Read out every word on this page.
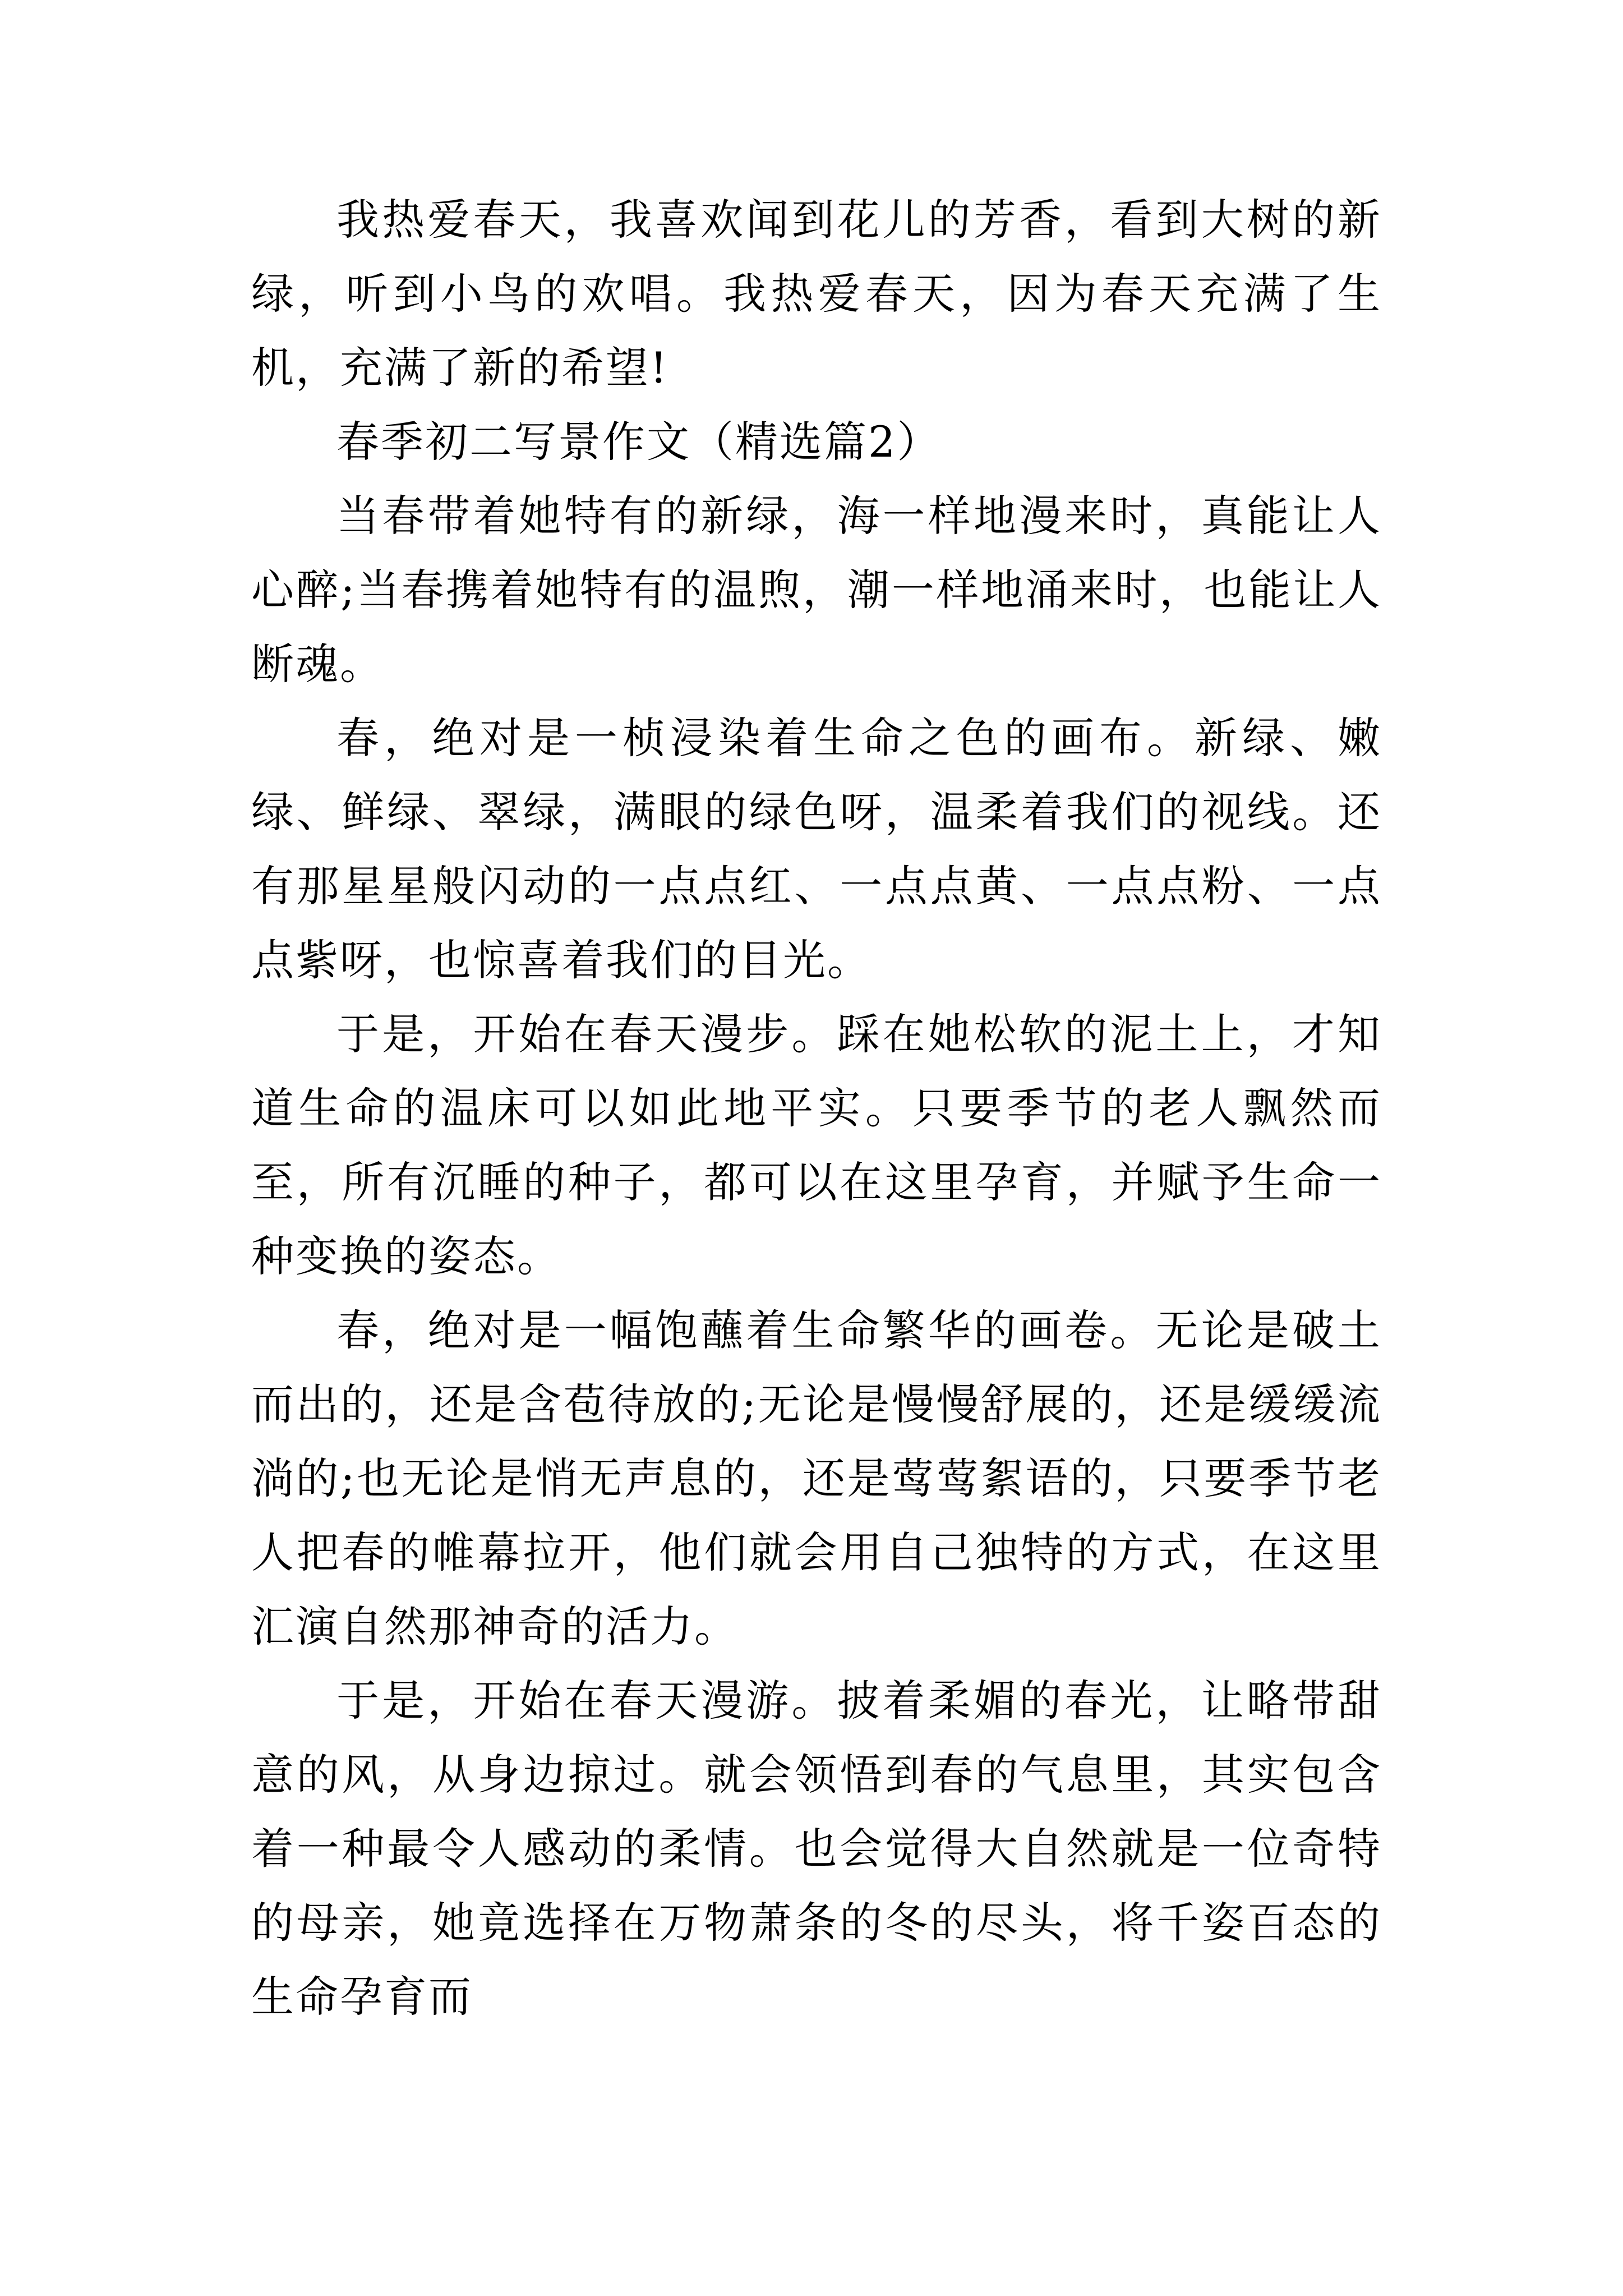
我热爱春天，我喜欢闻到花儿的芳香，看到大树的新绿，听到小鸟的欢唱。我热爱春天，因为春天充满了生机，充满了新的希望!

春季初二写景作文（精选篇2）

当春带着她特有的新绿，海一样地漫来时，真能让人心醉;当春携着她特有的温煦，潮一样地涌来时，也能让人断魂。

春，绝对是一桢浸染着生命之色的画布。新绿、嫩绿、鲜绿、翠绿，满眼的绿色呀，温柔着我们的视线。还有那星星般闪动的一点点红、一点点黄、一点点粉、一点点紫呀，也惊喜着我们的目光。

于是，开始在春天漫步。踩在她松软的泥土上，才知道生命的温床可以如此地平实。只要季节的老人飘然而至，所有沉睡的种子，都可以在这里孕育，并赋予生命一种变换的姿态。

春，绝对是一幅饱蘸着生命繁华的画卷。无论是破土而出的，还是含苞待放的;无论是慢慢舒展的，还是缓缓流淌的;也无论是悄无声息的，还是莺莺絮语的，只要季节老人把春的帷幕拉开，他们就会用自己独特的方式，在这里汇演自然那神奇的活力。

于是，开始在春天漫游。披着柔媚的春光，让略带甜意的风，从身边掠过。就会领悟到春的气息里，其实包含着一种最令人感动的柔情。也会觉得大自然就是一位奇特的母亲，她竟选择在万物萧条的冬的尽头，将千姿百态的生命孕育而
